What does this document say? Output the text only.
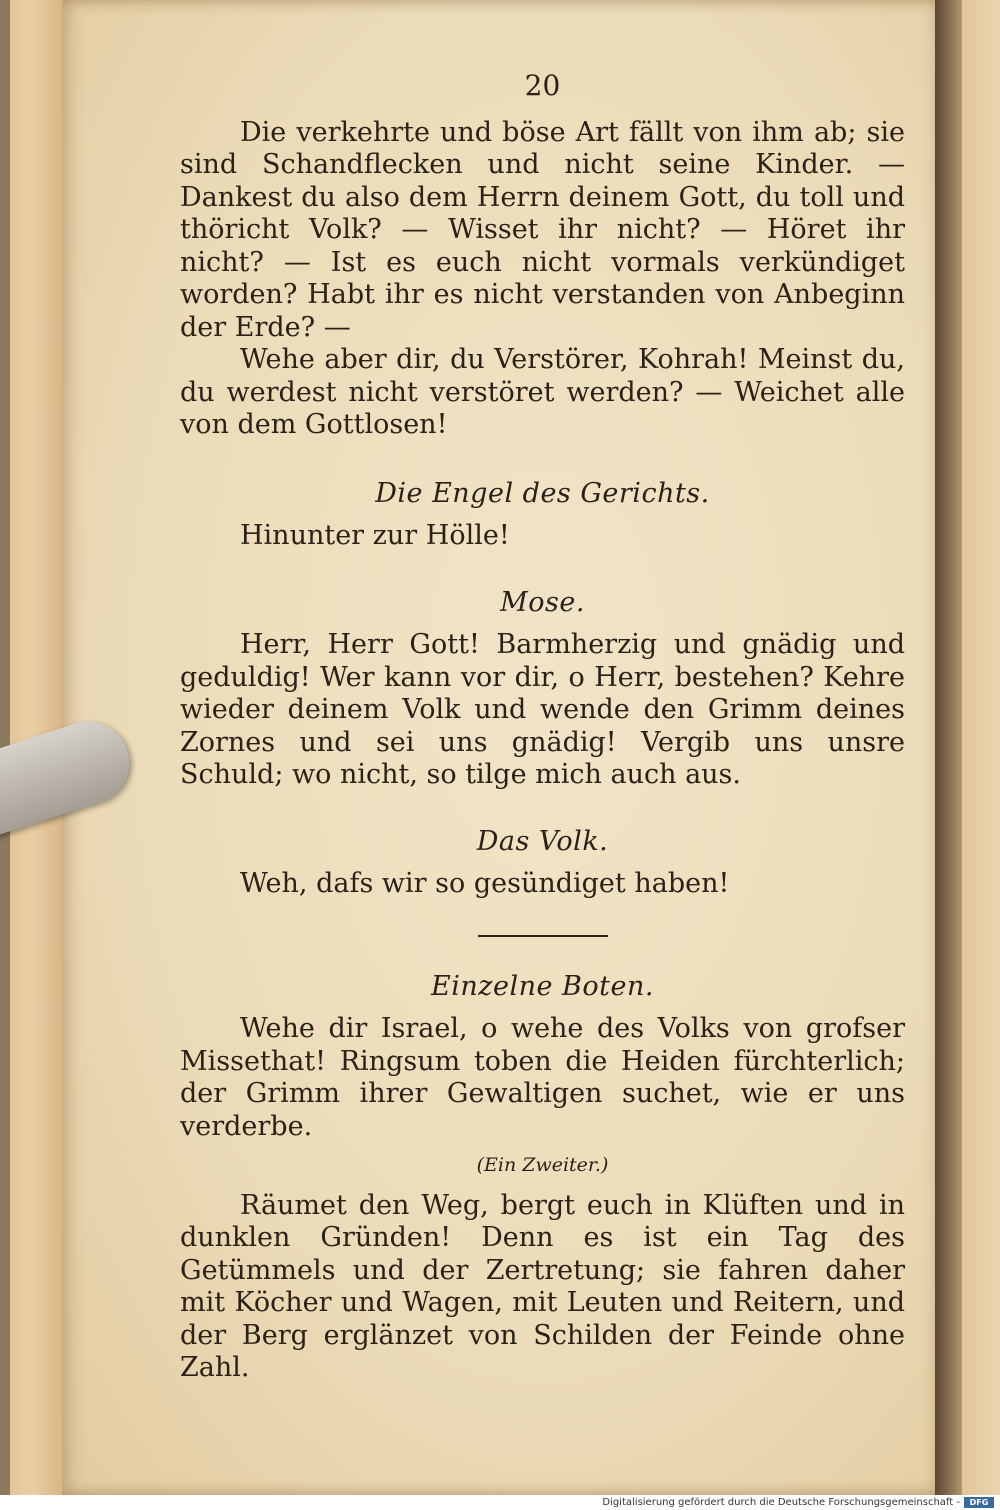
20

Die verkehrte und böse Art fällt von ihm ab; sie sind Schandflecken und nicht seine Kinder. — Dankest du also dem Herrn deinem Gott, du toll und thöricht Volk? — Wisset ihr nicht? — Höret ihr nicht? — Ist es euch nicht vormals verkündiget worden? Habt ihr es nicht verstanden von Anbeginn der Erde? —

Wehe aber dir, du Verstörer, Kohrah! Meinst du, du werdest nicht verstöret werden? — Weichet alle von dem Gottlosen!

Die Engel des Gerichts.

Hinunter zur Hölle!

Mose.

Herr, Herr Gott! Barmherzig und gnädig und geduldig! Wer kann vor dir, o Herr, bestehen? Kehre wieder deinem Volk und wende den Grimm deines Zornes und sei uns gnädig! Vergib uns unsre Schuld; wo nicht, so tilge mich auch aus.

Das Volk.

Weh, dafs wir so gesündiget haben!

Einzelne Boten.

Wehe dir Israel, o wehe des Volks von grofser Missethat! Ringsum toben die Heiden fürchterlich; der Grimm ihrer Gewaltigen suchet, wie er uns verderbe.

(Ein Zweiter.)

Räumet den Weg, bergt euch in Klüften und in dunklen Gründen! Denn es ist ein Tag des Getümmels und der Zertretung; sie fahren daher mit Köcher und Wagen, mit Leuten und Reitern, und der Berg erglänzet von Schilden der Feinde ohne Zahl.

Digitalisierung gefördert durch die Deutsche Forschungsgemeinschaft - DFG
